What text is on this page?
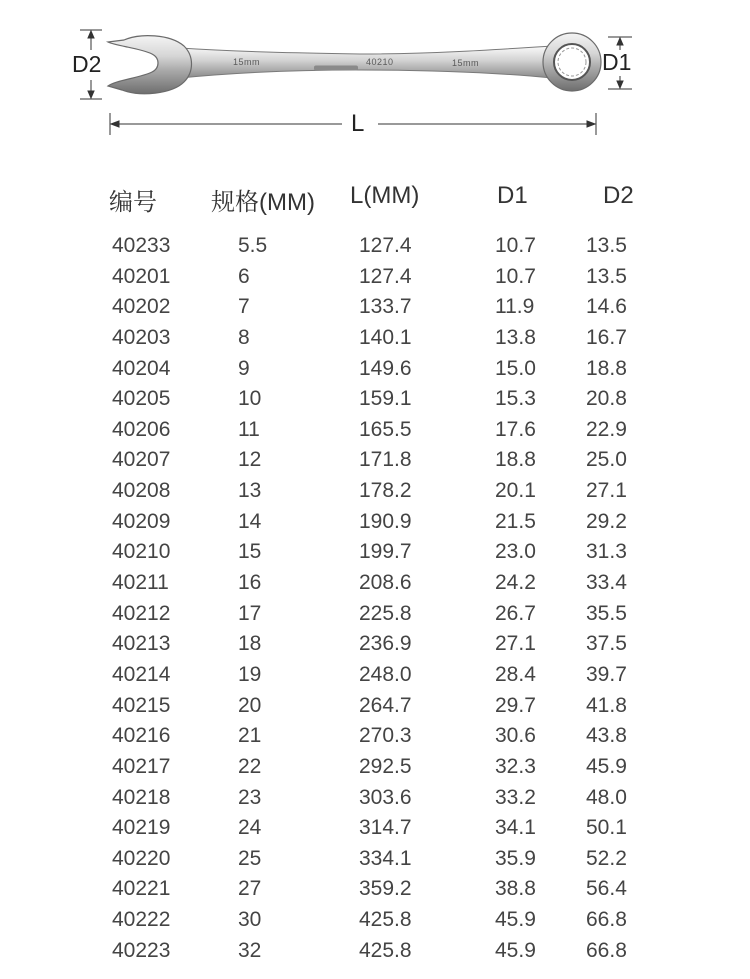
D2	D1
L
15mm	40210	15mm
编号 规格(MM) L(MM)	D1	D2
40233	5.5	127.4	10.7 13.5
40201	6	127.4	10.7 13.5
40202	7	133.7	11.9 14.6
40203	8	140.1	13.8 16.7
40204	9	149.6	15.0 18.8
40205	10	159.1	15.3 20.8
40206	11	165.5	17.6 22.9
40207	12	171.8	18.8 25.0
40208	13	178.2	20.1 27.1
40209	14	190.9	21.5 29.2
40210	15	199.7	23.0 31.3
40211	16	208.6	24.2 33.4
40212	17	225.8	26.7 35.5
40213	18	236.9	27.1 37.5
40214	19	248.0	28.4 39.7
40215	20	264.7	29.7 41.8
40216	21	270.3	30.6 43.8
40217	22	292.5	32.3 45.9
40218	23	303.6	33.2 48.0
40219	24	314.7	34.1 50.1
40220	25	334.1	35.9 52.2
40221	27	359.2	38.8 56.4
40222	30	425.8	45.9 66.8
40223	32	425.8	45.9 66.8
